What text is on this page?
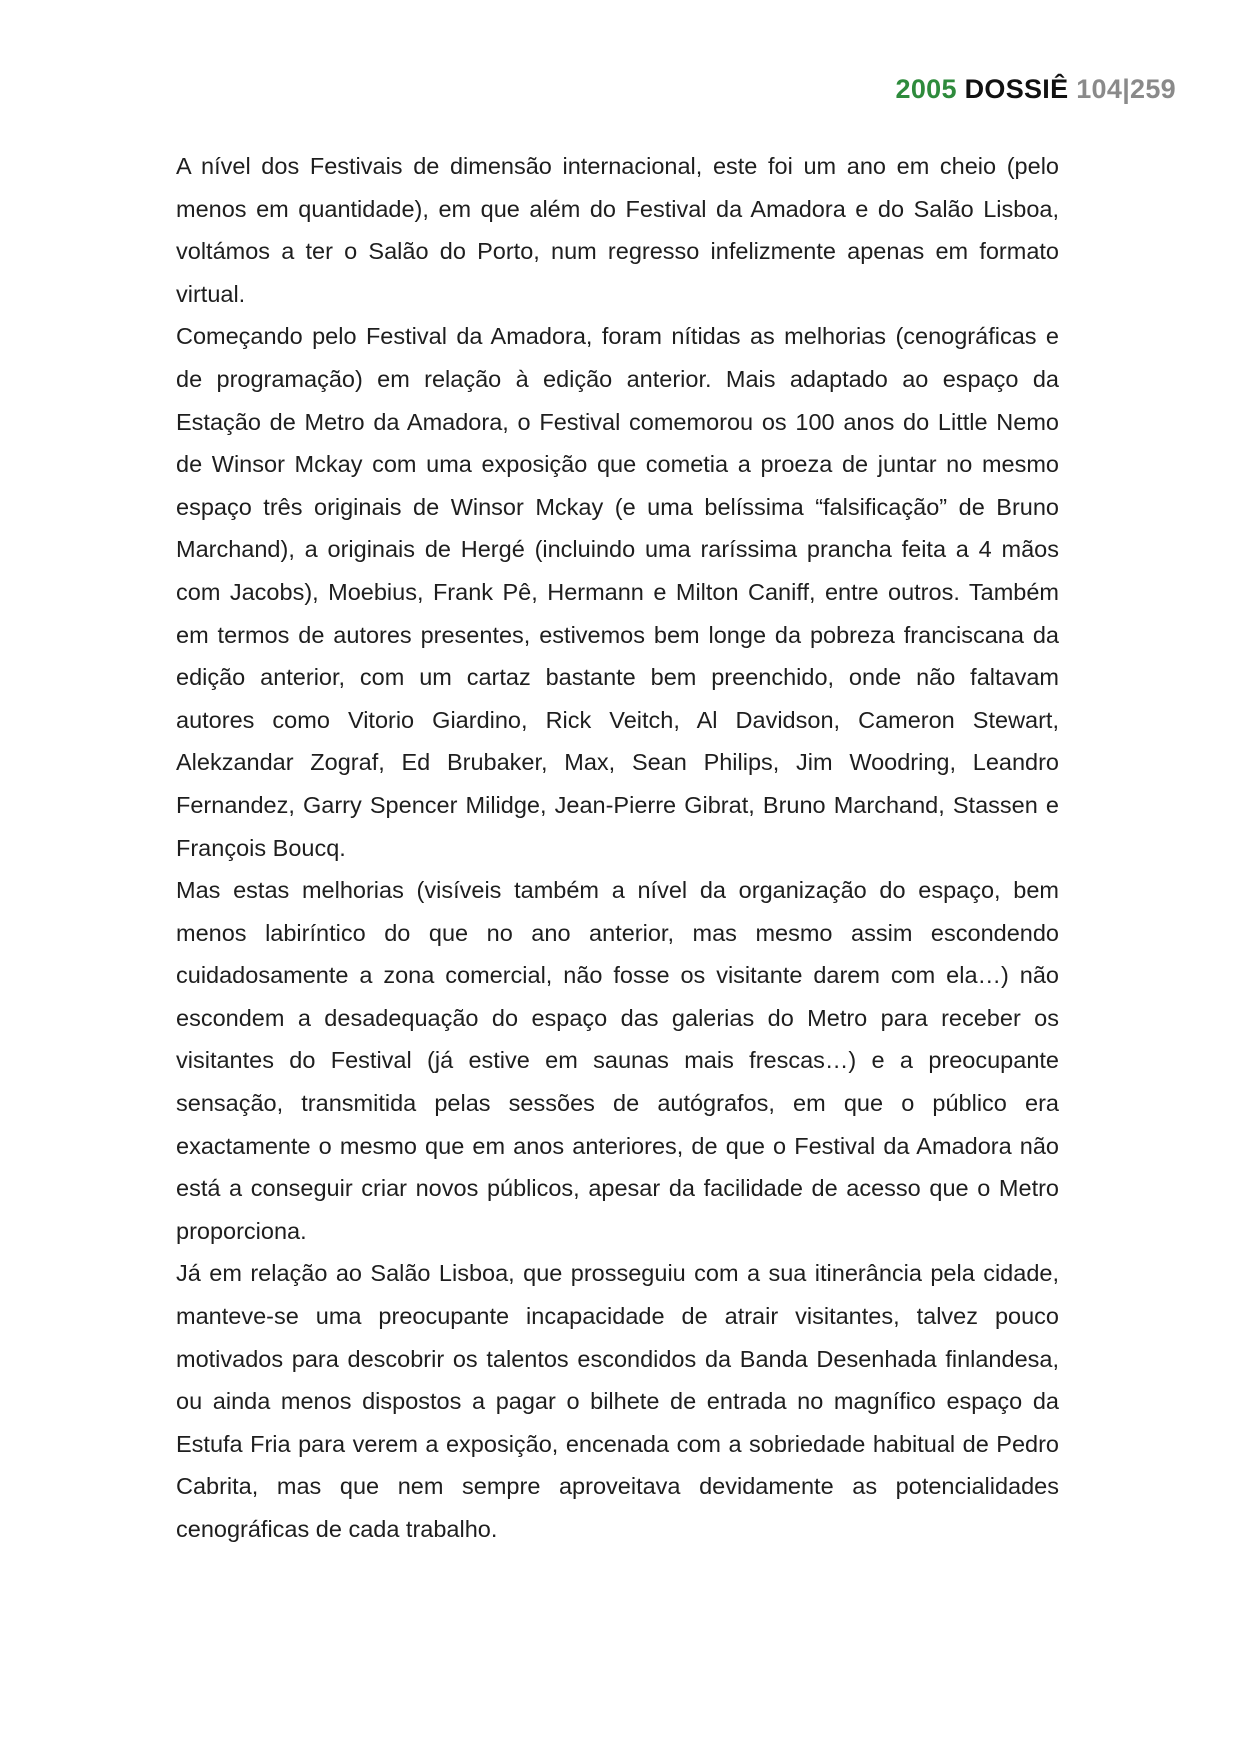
2005 DOSSIÊ 104|259

A nível dos Festivais de dimensão internacional, este foi um ano em cheio (pelo menos em quantidade), em que além do Festival da Amadora e do Salão Lisboa, voltámos a ter o Salão do Porto, num regresso infelizmente apenas em formato virtual.

Começando pelo Festival da Amadora, foram nítidas as melhorias (cenográficas e de programação) em relação à edição anterior. Mais adaptado ao espaço da Estação de Metro da Amadora, o Festival comemorou os 100 anos do Little Nemo de Winsor Mckay com uma exposição que cometia a proeza de juntar no mesmo espaço três originais de Winsor Mckay (e uma belíssima “falsificação” de Bruno Marchand), a originais de Hergé (incluindo uma raríssima prancha feita a 4 mãos com Jacobs), Moebius, Frank Pê, Hermann e Milton Caniff, entre outros. Também em termos de autores presentes, estivemos bem longe da pobreza franciscana da edição anterior, com um cartaz bastante bem preenchido, onde não faltavam autores como Vitorio Giardino, Rick Veitch, Al Davidson, Cameron Stewart, Alekzandar Zograf, Ed Brubaker, Max, Sean Philips, Jim Woodring, Leandro Fernandez, Garry Spencer Milidge, Jean-Pierre Gibrat, Bruno Marchand, Stassen e François Boucq.

Mas estas melhorias (visíveis também a nível da organização do espaço, bem menos labiríntico do que no ano anterior, mas mesmo assim escondendo cuidadosamente a zona comercial, não fosse os visitante darem com ela…) não escondem a desadequação do espaço das galerias do Metro para receber os visitantes do Festival (já estive em saunas mais frescas…) e a preocupante sensação, transmitida pelas sessões de autógrafos, em que o público era exactamente o mesmo que em anos anteriores, de que o Festival da Amadora não está a conseguir criar novos públicos, apesar da facilidade de acesso que o Metro proporciona.

Já em relação ao Salão Lisboa, que prosseguiu com a sua itinerância pela cidade, manteve-se uma preocupante incapacidade de atrair visitantes, talvez pouco motivados para descobrir os talentos escondidos da Banda Desenhada finlandesa, ou ainda menos dispostos a pagar o bilhete de entrada no magnífico espaço da Estufa Fria para verem a exposição, encenada com a sobriedade habitual de Pedro Cabrita, mas que nem sempre aproveitava devidamente as potencialidades cenográficas de cada trabalho.
